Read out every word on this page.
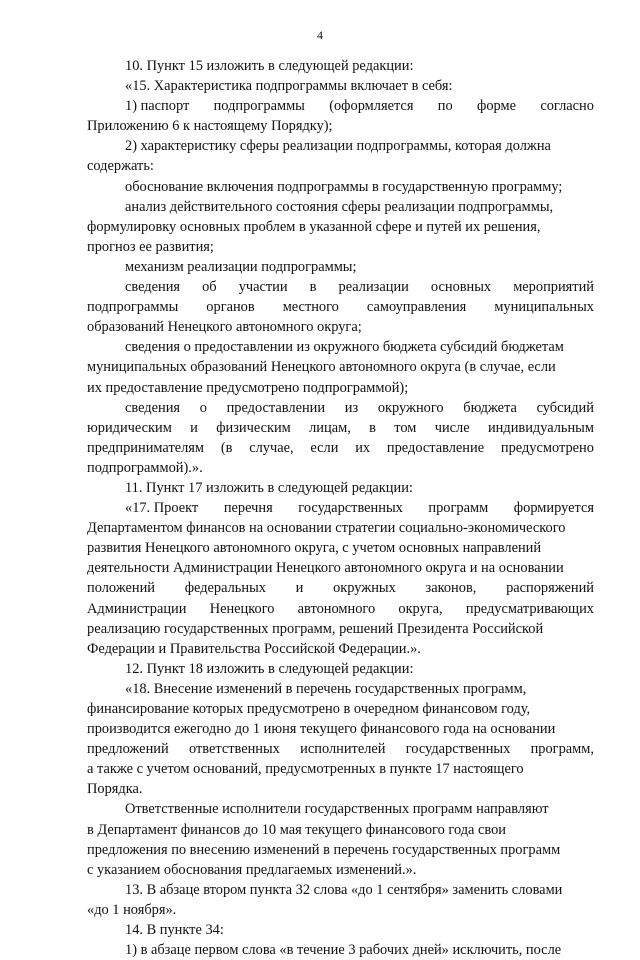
4
10. Пункт 15 изложить в следующей редакции:
«15. Характеристика подпрограммы включает в себя:
1) паспорт подпрограммы (оформляется по форме согласно
Приложению 6 к настоящему Порядку);
2) характеристику сферы реализации подпрограммы, которая должна
содержать:
обоснование включения подпрограммы в государственную программу;
анализ действительного состояния сферы реализации подпрограммы,
формулировку основных проблем в указанной сфере и путей их решения,
прогноз ее развития;
механизм реализации подпрограммы;
сведения об участии в реализации основных мероприятий
подпрограммы органов местного самоуправления муниципальных
образований Ненецкого автономного округа;
сведения о предоставлении из окружного бюджета субсидий бюджетам
муниципальных образований Ненецкого автономного округа (в случае, если
их предоставление предусмотрено подпрограммой);
сведения о предоставлении из окружного бюджета субсидий
юридическим и физическим лицам, в том числе индивидуальным
предпринимателям (в случае, если их предоставление предусмотрено
подпрограммой).».
11. Пункт 17 изложить в следующей редакции:
«17. Проект перечня государственных программ формируется
Департаментом финансов на основании стратегии социально-экономического
развития Ненецкого автономного округа, с учетом основных направлений
деятельности Администрации Ненецкого автономного округа и на основании
положений федеральных и окружных законов, распоряжений
Администрации Ненецкого автономного округа, предусматривающих
реализацию государственных программ, решений Президента Российской
Федерации и Правительства Российской Федерации.».
12. Пункт 18 изложить в следующей редакции:
«18. Внесение изменений в перечень государственных программ,
финансирование которых предусмотрено в очередном финансовом году,
производится ежегодно до 1 июня текущего финансового года на основании
предложений ответственных исполнителей государственных программ,
а также с учетом оснований, предусмотренных в пункте 17 настоящего
Порядка.
Ответственные исполнители государственных программ направляют
в Департамент финансов до 10 мая текущего финансового года свои
предложения по внесению изменений в перечень государственных программ
с указанием обоснования предлагаемых изменений.».
13. В абзаце втором пункта 32 слова «до 1 сентября» заменить словами
«до 1 ноября».
14. В пункте 34:
1) в абзаце первом слова «в течение 3 рабочих дней» исключить, после
